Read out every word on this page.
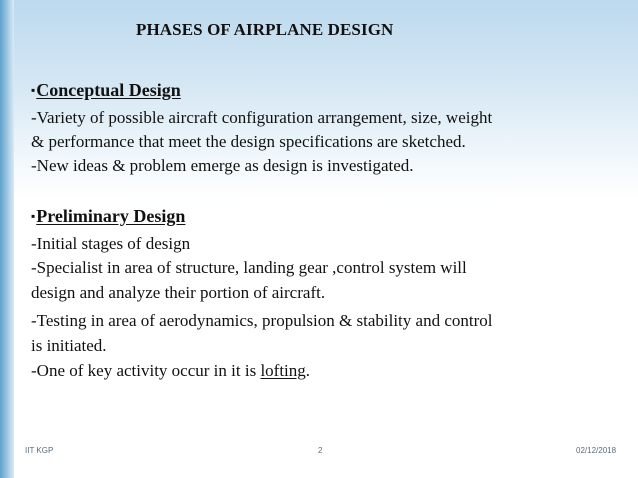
PHASES OF AIRPLANE DESIGN
▪Conceptual Design
-Variety of possible aircraft configuration arrangement, size, weight
& performance that meet the design specifications are sketched.
-New ideas & problem emerge as design is investigated.
▪Preliminary Design
-Initial stages of design
-Specialist in area of structure, landing gear ,control system will
design and analyze their portion of aircraft.
-Testing in area of aerodynamics, propulsion & stability and control
is initiated.
-One of key activity occur in it is lofting.
IIT KGP	2	02/12/2018
